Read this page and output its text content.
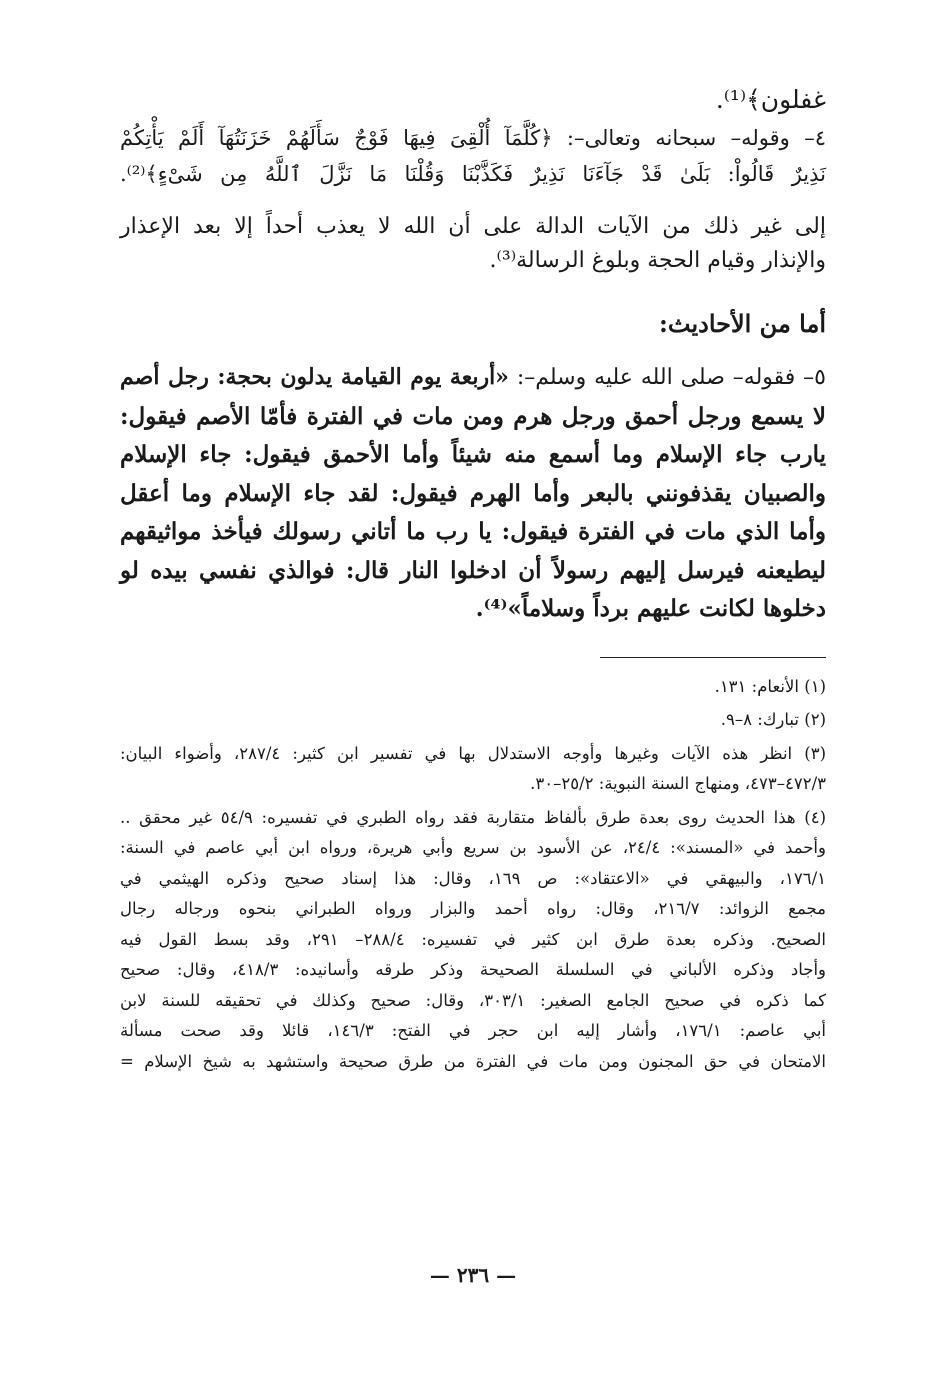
غفلون﴾⁽¹⁾.
٤– وقوله– سبحانه وتعالى–: ﴿كُلَّمَآ أُلْقِىَ فِيهَا فَوْجٌ سَأَلَهُمْ خَزَنَتُهَآ أَلَمْ يَأْتِكُمْ
نَذِيرٌ قَالُواْ: بَلَىٰ قَدْ جَآءَنَا نَذِيرٌ فَكَذَّبْنَا وَقُلْنَا مَا نَزَّلَ ٱللَّهُ مِن شَىْءٍ﴾⁽²⁾.
إلى غير ذلك من الآيات الدالة على أن الله لا يعذب أحداً إلا بعد الإعذار
والإنذار وقيام الحجة وبلوغ الرسالة⁽³⁾.
أما من الأحاديث:
٥– فقوله– صلى الله عليه وسلم–: «أربعة يوم القيامة يدلون بحجة: رجل أصم
لا يسمع ورجل أحمق ورجل هرم ومن مات في الفترة فأمّا الأصم فيقول:
يارب جاء الإسلام وما أسمع منه شيئاً وأما الأحمق فيقول: جاء الإسلام
والصبيان يقذفونني بالبعر وأما الهرم فيقول: لقد جاء الإسلام وما أعقل
وأما الذي مات في الفترة فيقول: يا رب ما أتاني رسولك فيأخذ مواثيقهم
ليطيعنه فيرسل إليهم رسولاً أن ادخلوا النار قال: فوالذي نفسي بيده لو
دخلوها لكانت عليهم برداً وسلاماً»⁽⁴⁾.
(١) الأنعام: ١٣١.
(٢) تبارك: ٨–٩.
(٣) انظر هذه الآيات وغيرها وأوجه الاستدلال بها في تفسير ابن كثير: ٢٨٧/٤، وأضواء البيان:
٤٧٢/٣–٤٧٣، ومنهاج السنة النبوية: ٢٥/٢–٣٠.
(٤) هذا الحديث روى بعدة طرق بألفاظ متقاربة فقد رواه الطبري في تفسيره: ٥٤/٩ غير محقق ..
وأحمد في «المسند»: ٢٤/٤، عن الأسود بن سريع وأبي هريرة، ورواه ابن أبي عاصم في السنة:
١٧٦/١، والبيهقي في «الاعتقاد»: ص ١٦٩، وقال: هذا إسناد صحيح وذكره الهيثمي في
مجمع الزوائد: ٢١٦/٧، وقال: رواه أحمد والبزار ورواه الطبراني بنحوه ورجاله رجال
الصحيح. وذكره بعدة طرق ابن كثير في تفسيره: ٢٨٨/٤– ٢٩١، وقد بسط القول فيه
وأجاد وذكره الألباني في السلسلة الصحيحة وذكر طرقه وأسانيده: ٤١٨/٣، وقال: صحيح
كما ذكره في صحيح الجامع الصغير: ٣٠٣/١، وقال: صحيح وكذلك في تحقيقه للسنة لابن
أبي عاصم: ١٧٦/١، وأشار إليه ابن حجر في الفتح: ١٤٦/٣، قائلا وقد صحت مسألة
الامتحان في حق المجنون ومن مات في الفترة من طرق صحيحة واستشهد به شيخ الإسلام =
— ٢٣٦ —
